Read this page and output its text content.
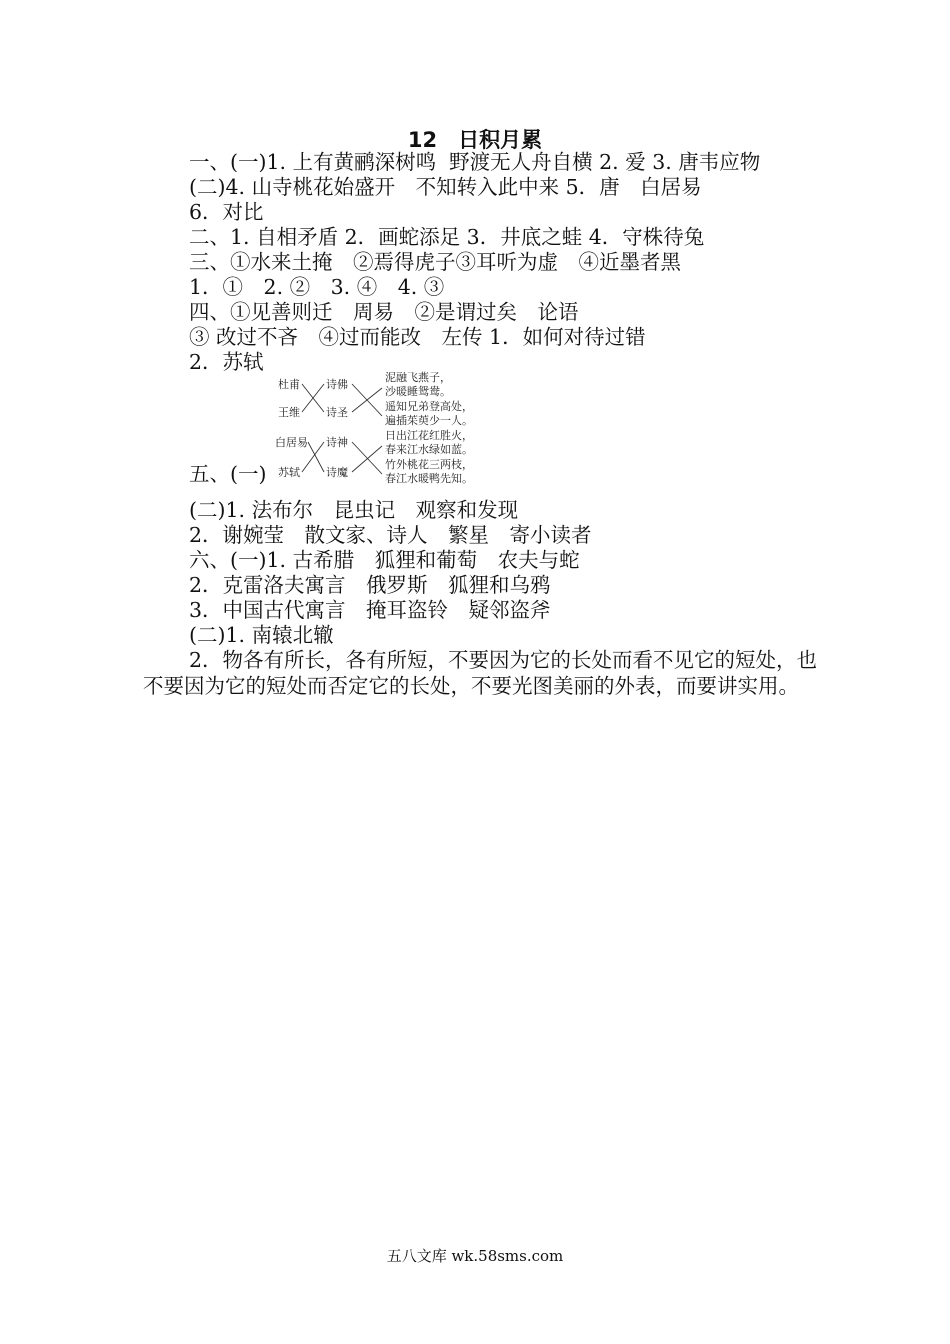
12　日积月累
一、(一)1. 上有黄鹂深树鸣  野渡无人舟自横 2. 爱 3. 唐韦应物
(二)4. 山寺桃花始盛开　不知转入此中来 5．唐　白居易
6．对比
二、1. 自相矛盾 2．画蛇添足 3．井底之蛙 4．守株待兔
三、①水来土掩　②焉得虎子③耳听为虚　④近墨者黑
1．①　2. ②　3. ④　4. ③
四、①见善则迁　周易　②是谓过矣　论语
③ 改过不吝　④过而能改　左传 1．如何对待过错
2．苏轼
杜甫
王维
白居易
苏轼
诗佛
诗圣
诗神
诗魔
泥融飞燕子，
沙暖睡鸳鸯。
遥知兄弟登高处，
遍插茱萸少一人。
日出江花红胜火，
春来江水绿如蓝。
竹外桃花三两枝，
春江水暖鸭先知。
五、(一)
(二)1. 法布尔　昆虫记　观察和发现
2．谢婉莹　散文家、诗人　繁星　寄小读者
六、(一)1. 古希腊　狐狸和葡萄　农夫与蛇
2．克雷洛夫寓言　俄罗斯　狐狸和乌鸦
3．中国古代寓言　掩耳盗铃　疑邻盗斧
(二)1. 南辕北辙
2．物各有所长，各有所短，不要因为它的长处而看不见它的短处，也不要因为它的短处而否定它的长处，不要光图美丽的外表，而要讲实用。
五八文库 wk.58sms.com
